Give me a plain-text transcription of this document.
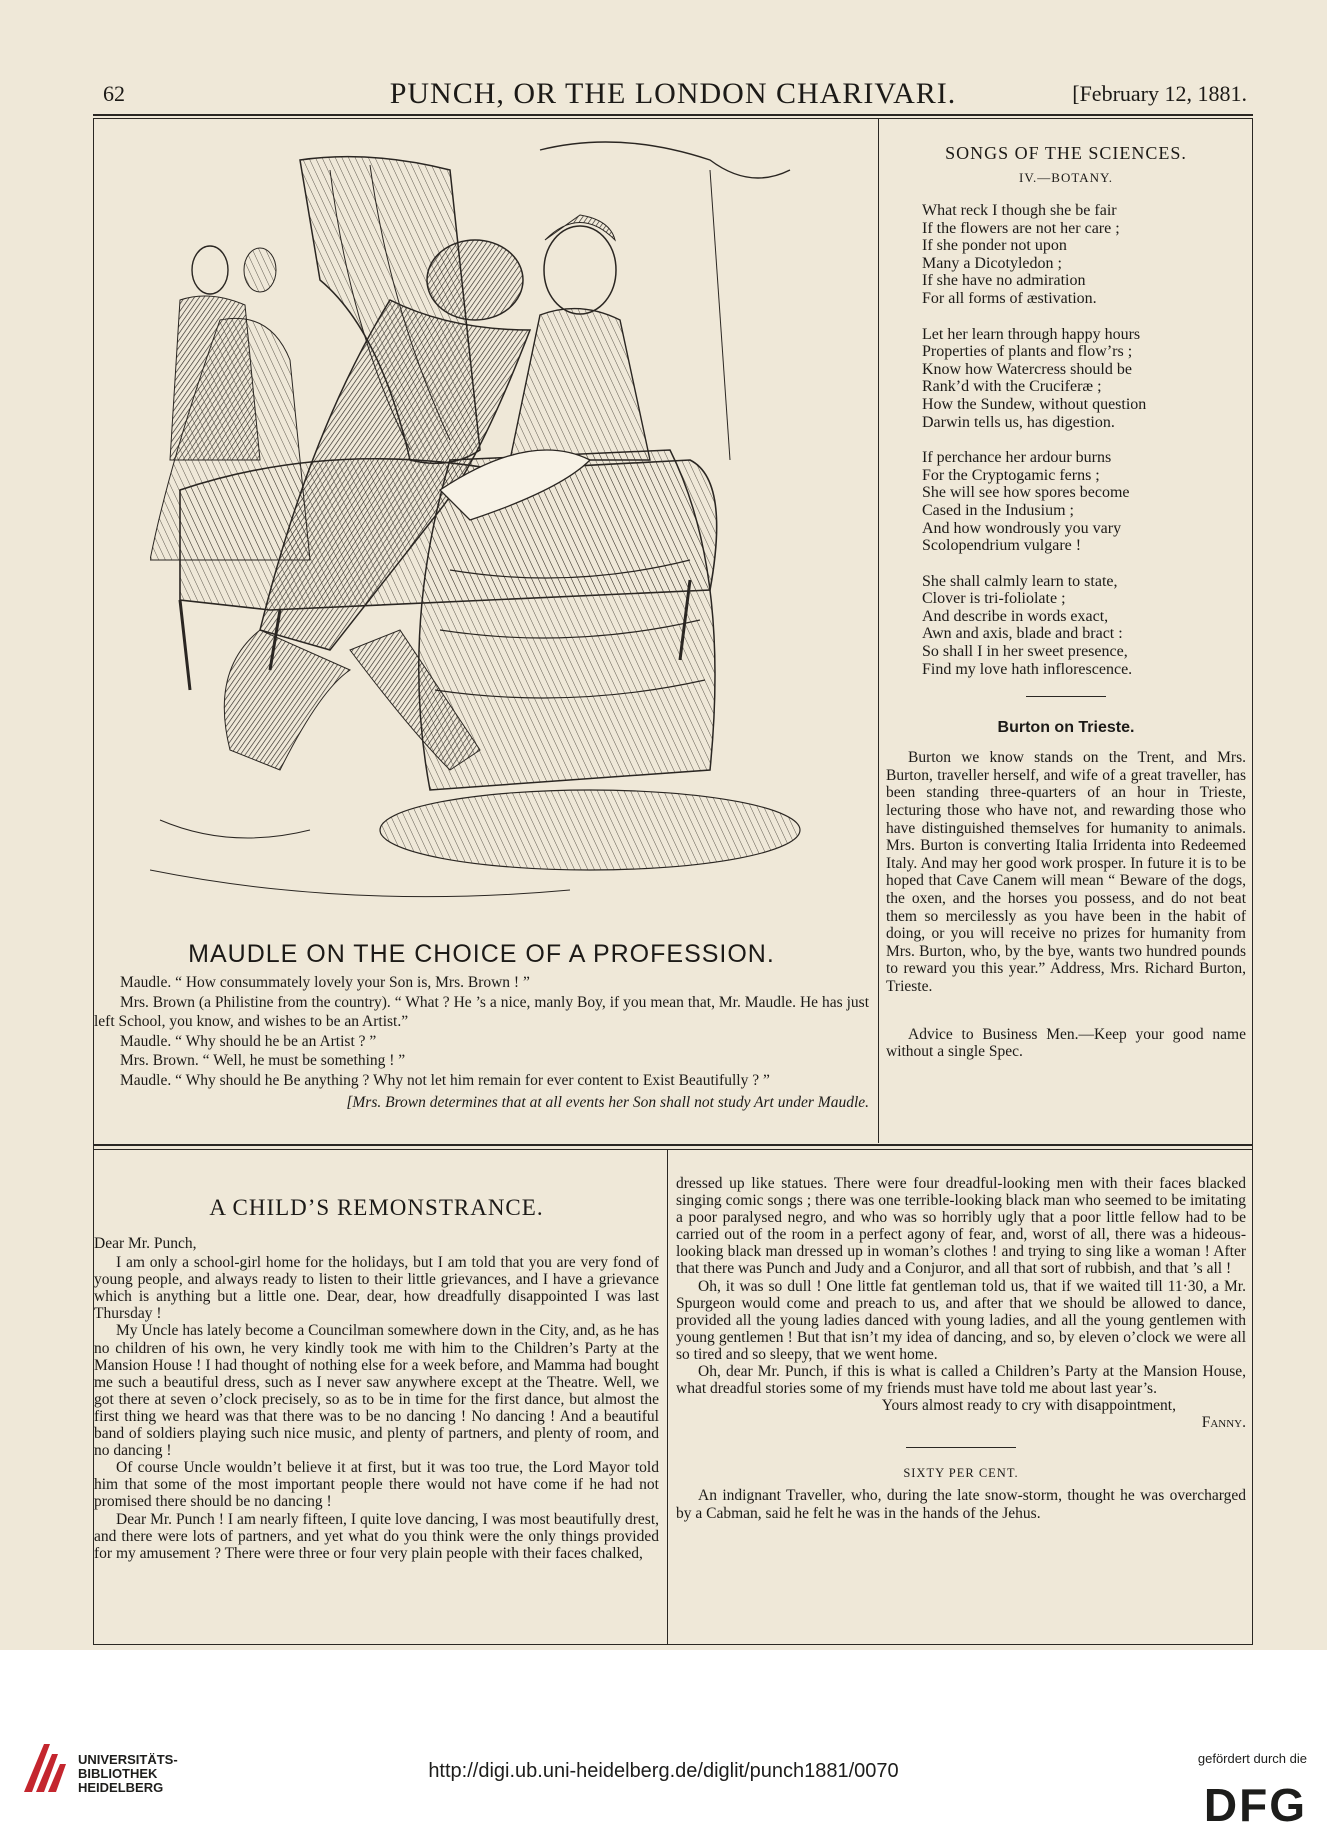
62	PUNCH, OR THE LONDON CHARIVARI.	[February 12, 1881.
MAUDLE ON THE CHOICE OF A PROFESSION.

Maudle. “ How consummately lovely your Son is, Mrs. Brown ! ”

Mrs. Brown (a Philistine from the country). “ What ? He ’s a nice, manly Boy, if you mean that, Mr. Maudle. He has just left School, you know, and wishes to be an Artist.”

Maudle. “ Why should he be an Artist ? ”

Mrs. Brown. “ Well, he must be something ! ”

Maudle. “ Why should he Be anything ? Why not let him remain for ever content to Exist Beautifully ? ”

[Mrs. Brown determines that at all events her Son shall not study Art under Maudle.

SONGS OF THE SCIENCES.
IV.—BOTANY.
What reck I though she be fair
If the flowers are not her care ;
If she ponder not upon
Many a Dicotyledon ;
If she have no admiration
For all forms of æstivation.
Let her learn through happy hours
Properties of plants and flow’rs ;
Know how Watercress should be
Rank’d with the Cruciferæ ;
How the Sundew, without question
Darwin tells us, has digestion.
If perchance her ardour burns
For the Cryptogamic ferns ;
She will see how spores become
Cased in the Indusium ;
And how wondrously you vary
Scolopendrium vulgare !
She shall calmly learn to state,
Clover is tri-foliolate ;
And describe in words exact,
Awn and axis, blade and bract :
So shall I in her sweet presence,
Find my love hath inflorescence.
Burton on Trieste.

Burton we know stands on the Trent, and Mrs. Burton, traveller herself, and wife of a great traveller, has been standing three-quarters of an hour in Trieste, lecturing those who have not, and rewarding those who have distinguished themselves for humanity to animals. Mrs. Burton is converting Italia Irridenta into Redeemed Italy. And may her good work prosper. In future it is to be hoped that Cave Canem will mean “ Beware of the dogs, the oxen, and the horses you possess, and do not beat them so mercilessly as you have been in the habit of doing, or you will receive no prizes for humanity from Mrs. Burton, who, by the bye, wants two hundred pounds to reward you this year.” Address, Mrs. Richard Burton, Trieste.

Advice to Business Men.—Keep your good name without a single Spec.

A CHILD’S REMONSTRANCE.

Dear Mr. Punch,

I am only a school-girl home for the holidays, but I am told that you are very fond of young people, and always ready to listen to their little grievances, and I have a grievance which is anything but a little one. Dear, dear, how dreadfully disappointed I was last Thursday !

My Uncle has lately become a Councilman somewhere down in the City, and, as he has no children of his own, he very kindly took me with him to the Children’s Party at the Mansion House ! I had thought of nothing else for a week before, and Mamma had bought me such a beautiful dress, such as I never saw anywhere except at the Theatre. Well, we got there at seven o’clock precisely, so as to be in time for the first dance, but almost the first thing we heard was that there was to be no dancing ! No dancing ! And a beautiful band of soldiers playing such nice music, and plenty of partners, and plenty of room, and no dancing !

Of course Uncle wouldn’t believe it at first, but it was too true, the Lord Mayor told him that some of the most important people there would not have come if he had not promised there should be no dancing !

Dear Mr. Punch ! I am nearly fifteen, I quite love dancing, I was most beautifully drest, and there were lots of partners, and yet what do you think were the only things provided for my amusement ? There were three or four very plain people with their faces chalked,

dressed up like statues. There were four dreadful-looking men with their faces blacked singing comic songs ; there was one terrible-looking black man who seemed to be imitating a poor paralysed negro, and who was so horribly ugly that a poor little fellow had to be carried out of the room in a perfect agony of fear, and, worst of all, there was a hideous-looking black man dressed up in woman’s clothes ! and trying to sing like a woman ! After that there was Punch and Judy and a Conjuror, and all that sort of rubbish, and that ’s all !

Oh, it was so dull ! One little fat gentleman told us, that if we waited till 11·30, a Mr. Spurgeon would come and preach to us, and after that we should be allowed to dance, provided all the young ladies danced with young ladies, and all the young gentlemen with young gentlemen ! But that isn’t my idea of dancing, and so, by eleven o’clock we were all so tired and so sleepy, that we went home.

Oh, dear Mr. Punch, if this is what is called a Children’s Party at the Mansion House, what dreadful stories some of my friends must have told me about last year’s.

Yours almost ready to cry with disappointment,

Fanny.

SIXTY PER CENT.

An indignant Traveller, who, during the late snow-storm, thought he was overcharged by a Cabman, said he felt he was in the hands of the Jehus.

UNIVERSITÄTS-
BIBLIOTHEK
HEIDELBERG
http://digi.ub.uni-heidelberg.de/diglit/punch1881/0070
gefördert durch die
DFG
